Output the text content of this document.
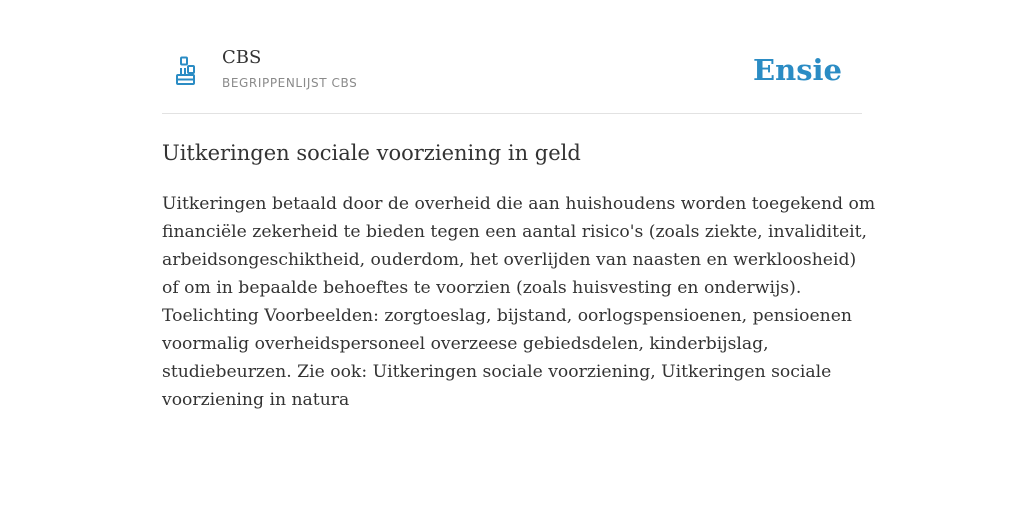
CBS
BEGRIPPENLIJST CBS	Ensie
Uitkeringen sociale voorziening in geld
Uitkeringen betaald door de overheid die aan huishoudens worden toegekend om
financiële zekerheid te bieden tegen een aantal risico's (zoals ziekte, invaliditeit,
arbeidsongeschiktheid, ouderdom, het overlijden van naasten en werkloosheid)
of om in bepaalde behoeftes te voorzien (zoals huisvesting en onderwijs).
Toelichting Voorbeelden: zorgtoeslag, bijstand, oorlogspensioenen, pensioenen
voormalig overheidspersoneel overzeese gebiedsdelen, kinderbijslag,
studiebeurzen. Zie ook: Uitkeringen sociale voorziening, Uitkeringen sociale
voorziening in natura
